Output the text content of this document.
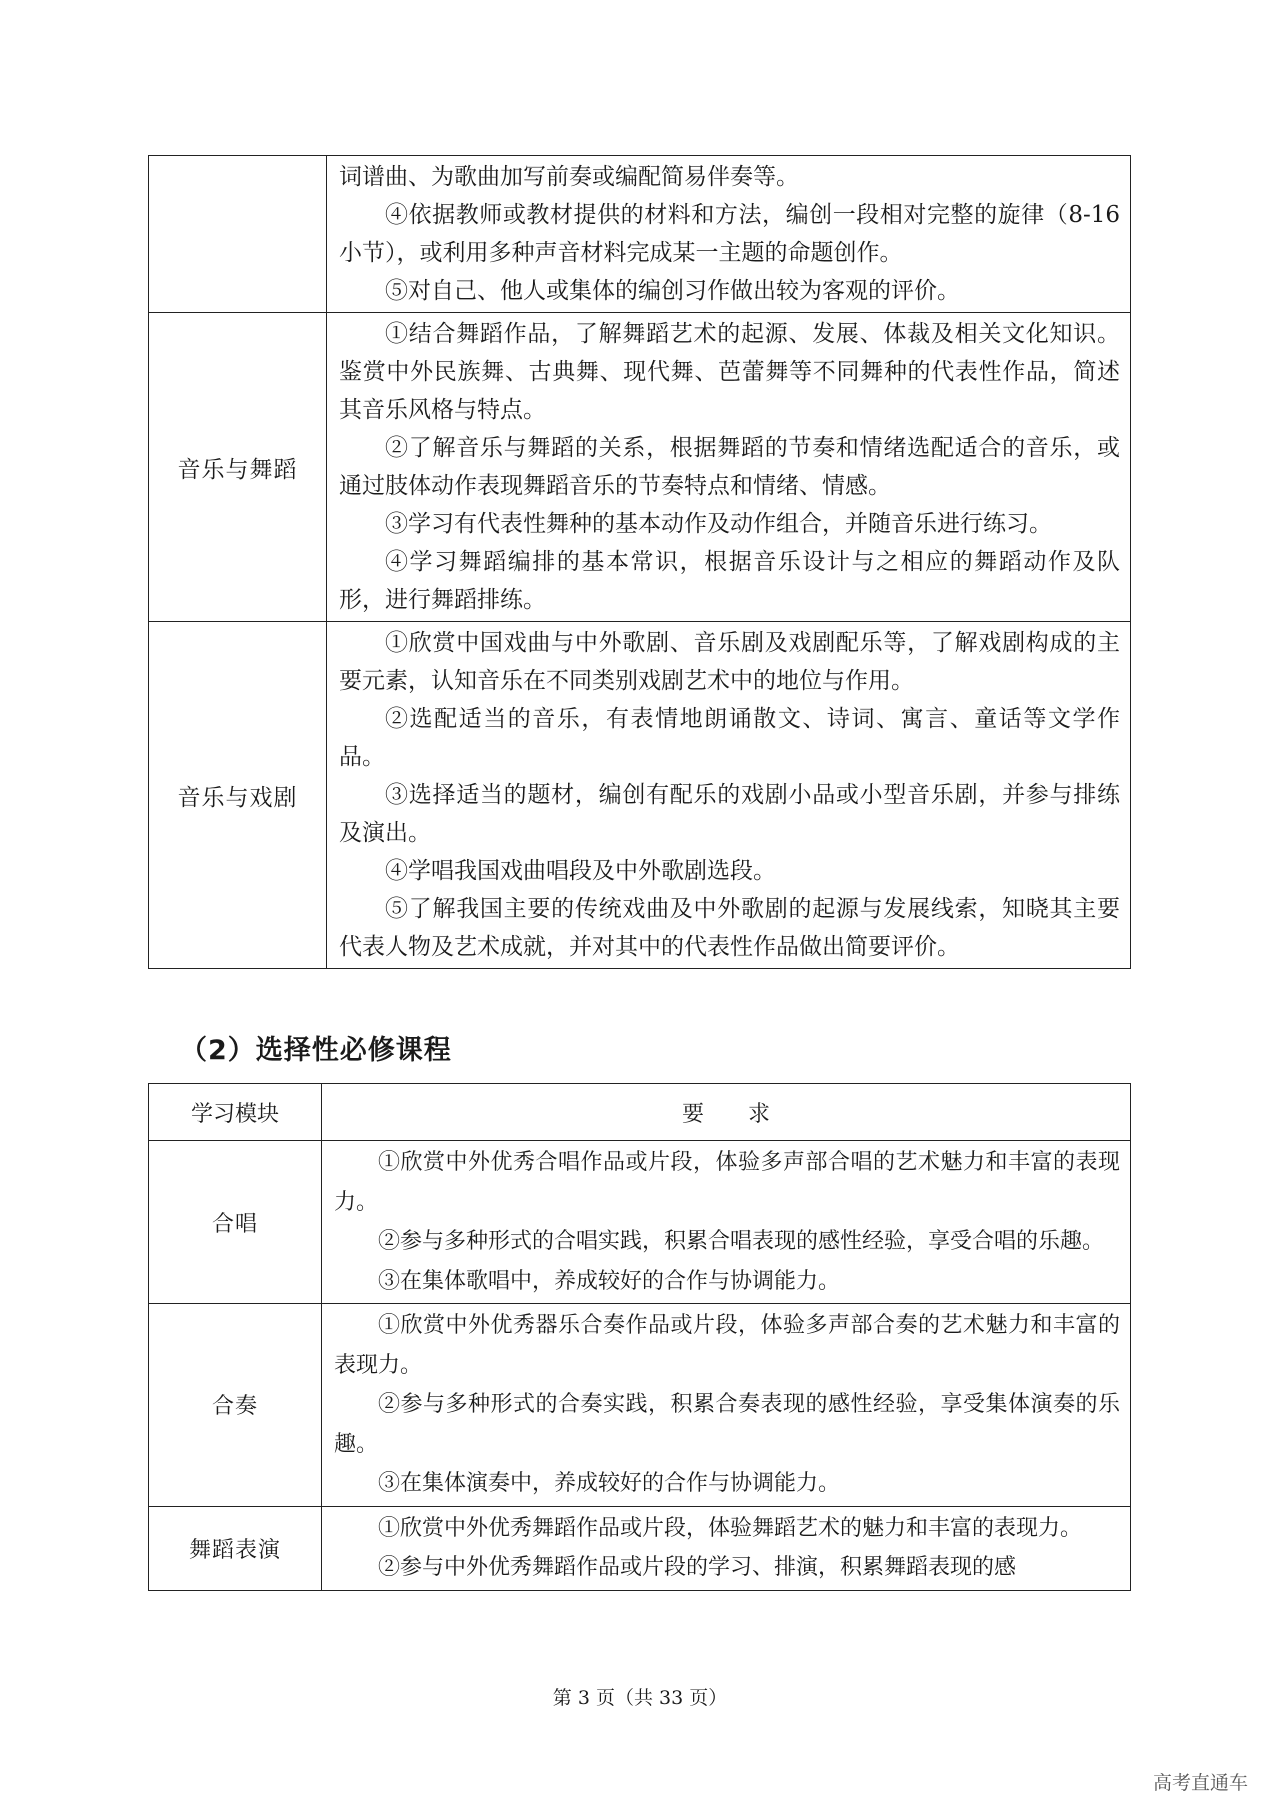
	词谱曲、为歌曲加写前奏或编配简易伴奏等。

④依据教师或教材提供的材料和方法，编创一段相对完整的旋律（8-16 小节），或利用多种声音材料完成某一主题的命题创作。

⑤对自己、他人或集体的编创习作做出较为客观的评价。

音乐与舞蹈	①结合舞蹈作品，了解舞蹈艺术的起源、发展、体裁及相关文化知识。鉴赏中外民族舞、古典舞、现代舞、芭蕾舞等不同舞种的代表性作品，简述其音乐风格与特点。

②了解音乐与舞蹈的关系，根据舞蹈的节奏和情绪选配适合的音乐，或通过肢体动作表现舞蹈音乐的节奏特点和情绪、情感。

③学习有代表性舞种的基本动作及动作组合，并随音乐进行练习。

④学习舞蹈编排的基本常识，根据音乐设计与之相应的舞蹈动作及队形，进行舞蹈排练。

音乐与戏剧	①欣赏中国戏曲与中外歌剧、音乐剧及戏剧配乐等，了解戏剧构成的主要元素，认知音乐在不同类别戏剧艺术中的地位与作用。

②选配适当的音乐，有表情地朗诵散文、诗词、寓言、童话等文学作品。

③选择适当的题材，编创有配乐的戏剧小品或小型音乐剧，并参与排练及演出。

④学唱我国戏曲唱段及中外歌剧选段。

⑤了解我国主要的传统戏曲及中外歌剧的起源与发展线索，知晓其主要代表人物及艺术成就，并对其中的代表性作品做出简要评价。

（2）选择性必修课程
学习模块	要　　求
合唱	①欣赏中外优秀合唱作品或片段，体验多声部合唱的艺术魅力和丰富的表现力。

②参与多种形式的合唱实践，积累合唱表现的感性经验，享受合唱的乐趣。

③在集体歌唱中，养成较好的合作与协调能力。

合奏	①欣赏中外优秀器乐合奏作品或片段，体验多声部合奏的艺术魅力和丰富的表现力。

②参与多种形式的合奏实践，积累合奏表现的感性经验，享受集体演奏的乐趣。

③在集体演奏中，养成较好的合作与协调能力。

舞蹈表演	①欣赏中外优秀舞蹈作品或片段，体验舞蹈艺术的魅力和丰富的表现力。

②参与中外优秀舞蹈作品或片段的学习、排演，积累舞蹈表现的感

第 3 页（共 33 页）
高考直通车
